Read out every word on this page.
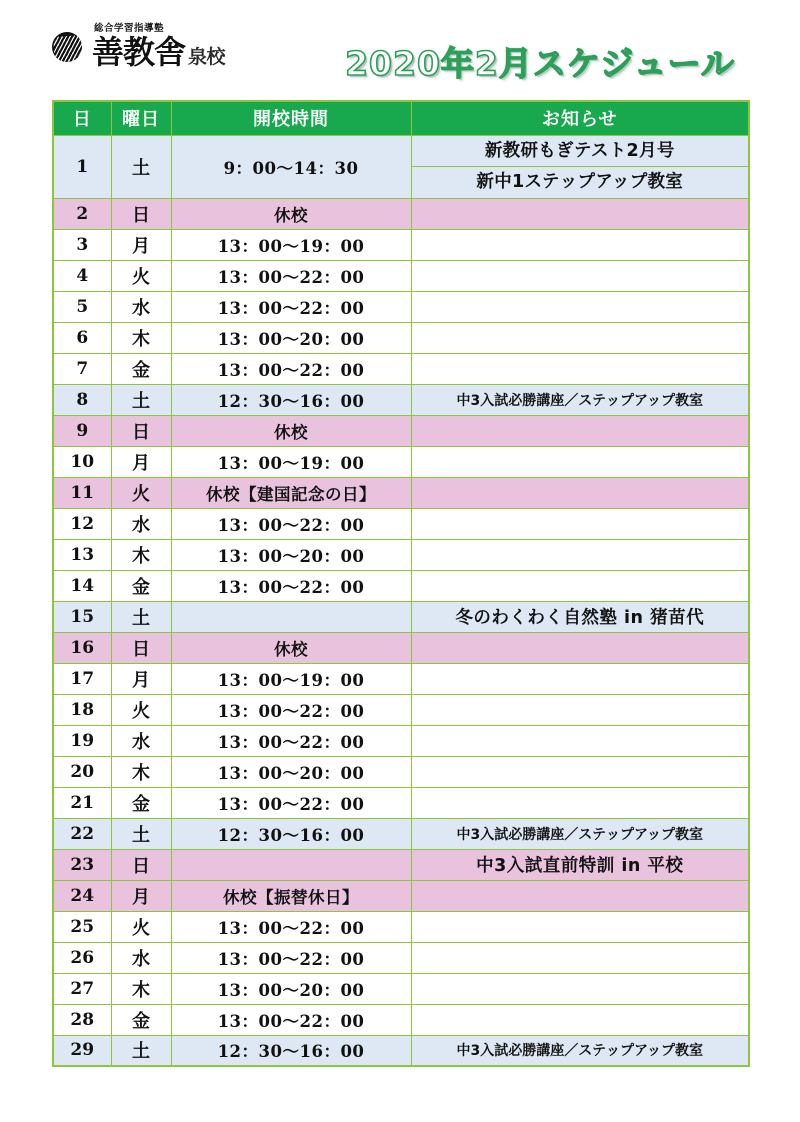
総合学習指導塾
善教舎 泉校	2020年2月スケジュール
日	曜日	開校時間	お知らせ
1	土	9：00〜14：30	新教研もぎテスト2月号
新中1ステップアップ教室

2	日	休校	
3	月	13：00〜19：00	
4	火	13：00〜22：00	
5	水	13：00〜22：00	
6	木	13：00〜20：00	
7	金	13：00〜22：00	
8	土	12：30〜16：00	中3入試必勝講座／ステップアップ教室
9	日	休校	
10	月	13：00〜19：00	
11	火	休校【建国記念の日】	
12	水	13：00〜22：00	
13	木	13：00〜20：00	
14	金	13：00〜22：00	
15	土		冬のわくわく自然塾 in 猪苗代
16	日	休校	
17	月	13：00〜19：00	
18	火	13：00〜22：00	
19	水	13：00〜22：00	
20	木	13：00〜20：00	
21	金	13：00〜22：00	
22	土	12：30〜16：00	中3入試必勝講座／ステップアップ教室
23	日		中3入試直前特訓 in 平校
24	月	休校【振替休日】	
25	火	13：00〜22：00	
26	水	13：00〜22：00	
27	木	13：00〜20：00	
28	金	13：00〜22：00	
29	土	12：30〜16：00	中3入試必勝講座／ステップアップ教室
